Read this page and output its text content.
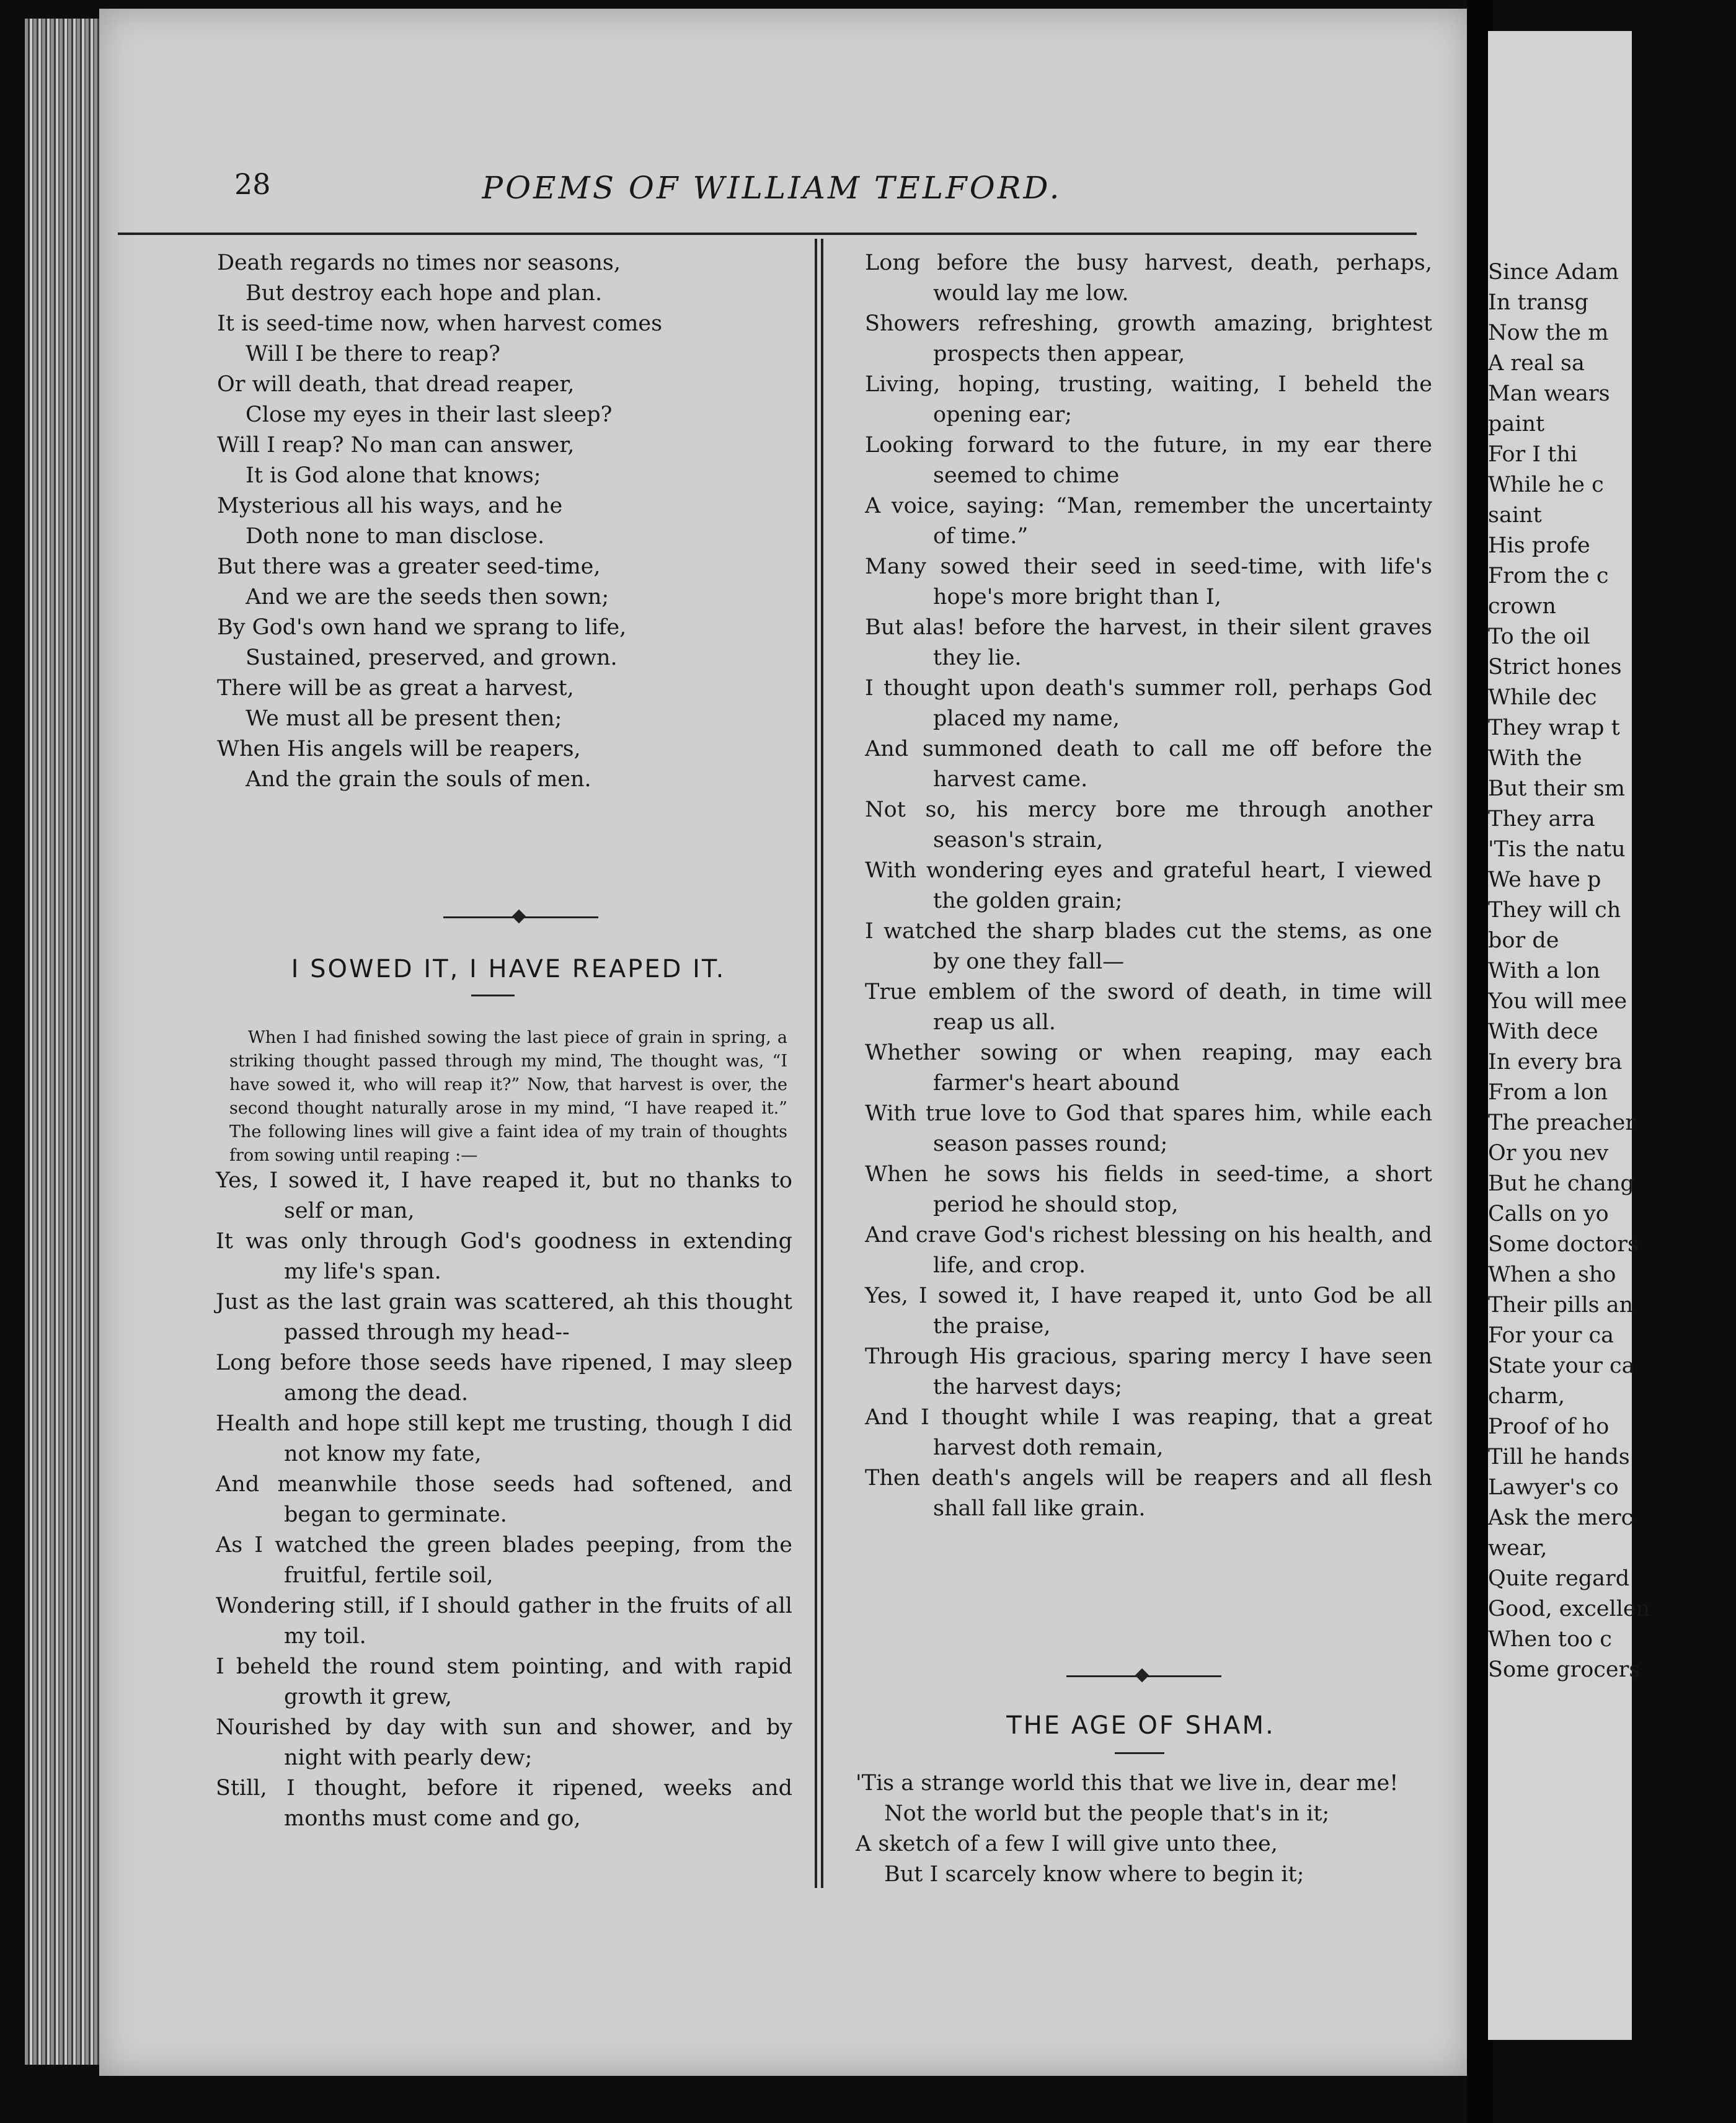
28	POEMS OF WILLIAM TELFORD.

Death regards no times nor seasons,
But destroy each hope and plan.

It is seed-time now, when harvest comes
Will I be there to reap?
Or will death, that dread reaper,
Close my eyes in their last sleep?

Will I reap? No man can answer,
It is God alone that knows;
Mysterious all his ways, and he
Doth none to man disclose.

But there was a greater seed-time,
And we are the seeds then sown;
By God's own hand we sprang to life,
Sustained, preserved, and grown.

There will be as great a harvest,
We must all be present then;
When His angels will be reapers,
And the grain the souls of men.

I SOWED IT, I HAVE REAPED IT.

When I had finished sowing the last piece of grain in spring, a striking thought passed through my mind, The thought was, “I have sowed it, who will reap it?” Now, that harvest is over, the second thought naturally arose in my mind, “I have reaped it.” The following lines will give a faint idea of my train of thoughts from sowing until reaping :—

Yes, I sowed it, I have reaped it, but no thanks to self or man,
It was only through God's goodness in extending my life's span.
Just as the last grain was scattered, ah this thought passed through my head--
Long before those seeds have ripened, I may sleep among the dead.

Health and hope still kept me trusting, though I did not know my fate,
And meanwhile those seeds had softened, and began to germinate.
As I watched the green blades peeping, from the fruitful, fertile soil,
Wondering still, if I should gather in the fruits of all my toil.

I beheld the round stem pointing, and with rapid growth it grew,
Nourished by day with sun and shower, and by night with pearly dew;
Still, I thought, before it ripened, weeks and months must come and go,

Long before the busy harvest, death, perhaps, would lay me low.

Showers refreshing, growth amazing, brightest prospects then appear,
Living, hoping, trusting, waiting, I beheld the opening ear;
Looking forward to the future, in my ear there seemed to chime
A voice, saying: “Man, remember the uncertainty of time.”

Many sowed their seed in seed-time, with life's hope's more bright than I,
But alas! before the harvest, in their silent graves they lie.
I thought upon death's summer roll, perhaps God placed my name,
And summoned death to call me off before the harvest came.

Not so, his mercy bore me through another season's strain,
With wondering eyes and grateful heart, I viewed the golden grain;
I watched the sharp blades cut the stems, as one by one they fall—
True emblem of the sword of death, in time will reap us all.

Whether sowing or when reaping, may each farmer's heart abound
With true love to God that spares him, while each season passes round;
When he sows his fields in seed-time, a short period he should stop,
And crave God's richest blessing on his health, and life, and crop.

Yes, I sowed it, I have reaped it, unto God be all the praise,
Through His gracious, sparing mercy I have seen the harvest days;
And I thought while I was reaping, that a great harvest doth remain,
Then death's angels will be reapers and all flesh shall fall like grain.

THE AGE OF SHAM.

'Tis a strange world this that we live in, dear me!
Not the world but the people that's in it;
A sketch of a few I will give unto thee,
But I scarcely know where to begin it;

Since Adam
In transg
Now the m
A real sa
Man wears
paint
For I thi
While he c
saint
His profe
From the c
crown
To the oil
Strict hones
While dec
They wrap t
With the
But their sm
They arra
'Tis the natu
We have p
They will ch
bor de
With a lon
You will mee
With dece
In every bra
From a lon
The preacher
Or you nev
But he chang
Calls on yo
Some doctors
When a sho
Their pills an
For your ca
State your ca
charm,
Proof of ho
Till he hands
Lawyer's co
Ask the merc
wear,
Quite regard
Good, excellen
When too c
Some grocers
